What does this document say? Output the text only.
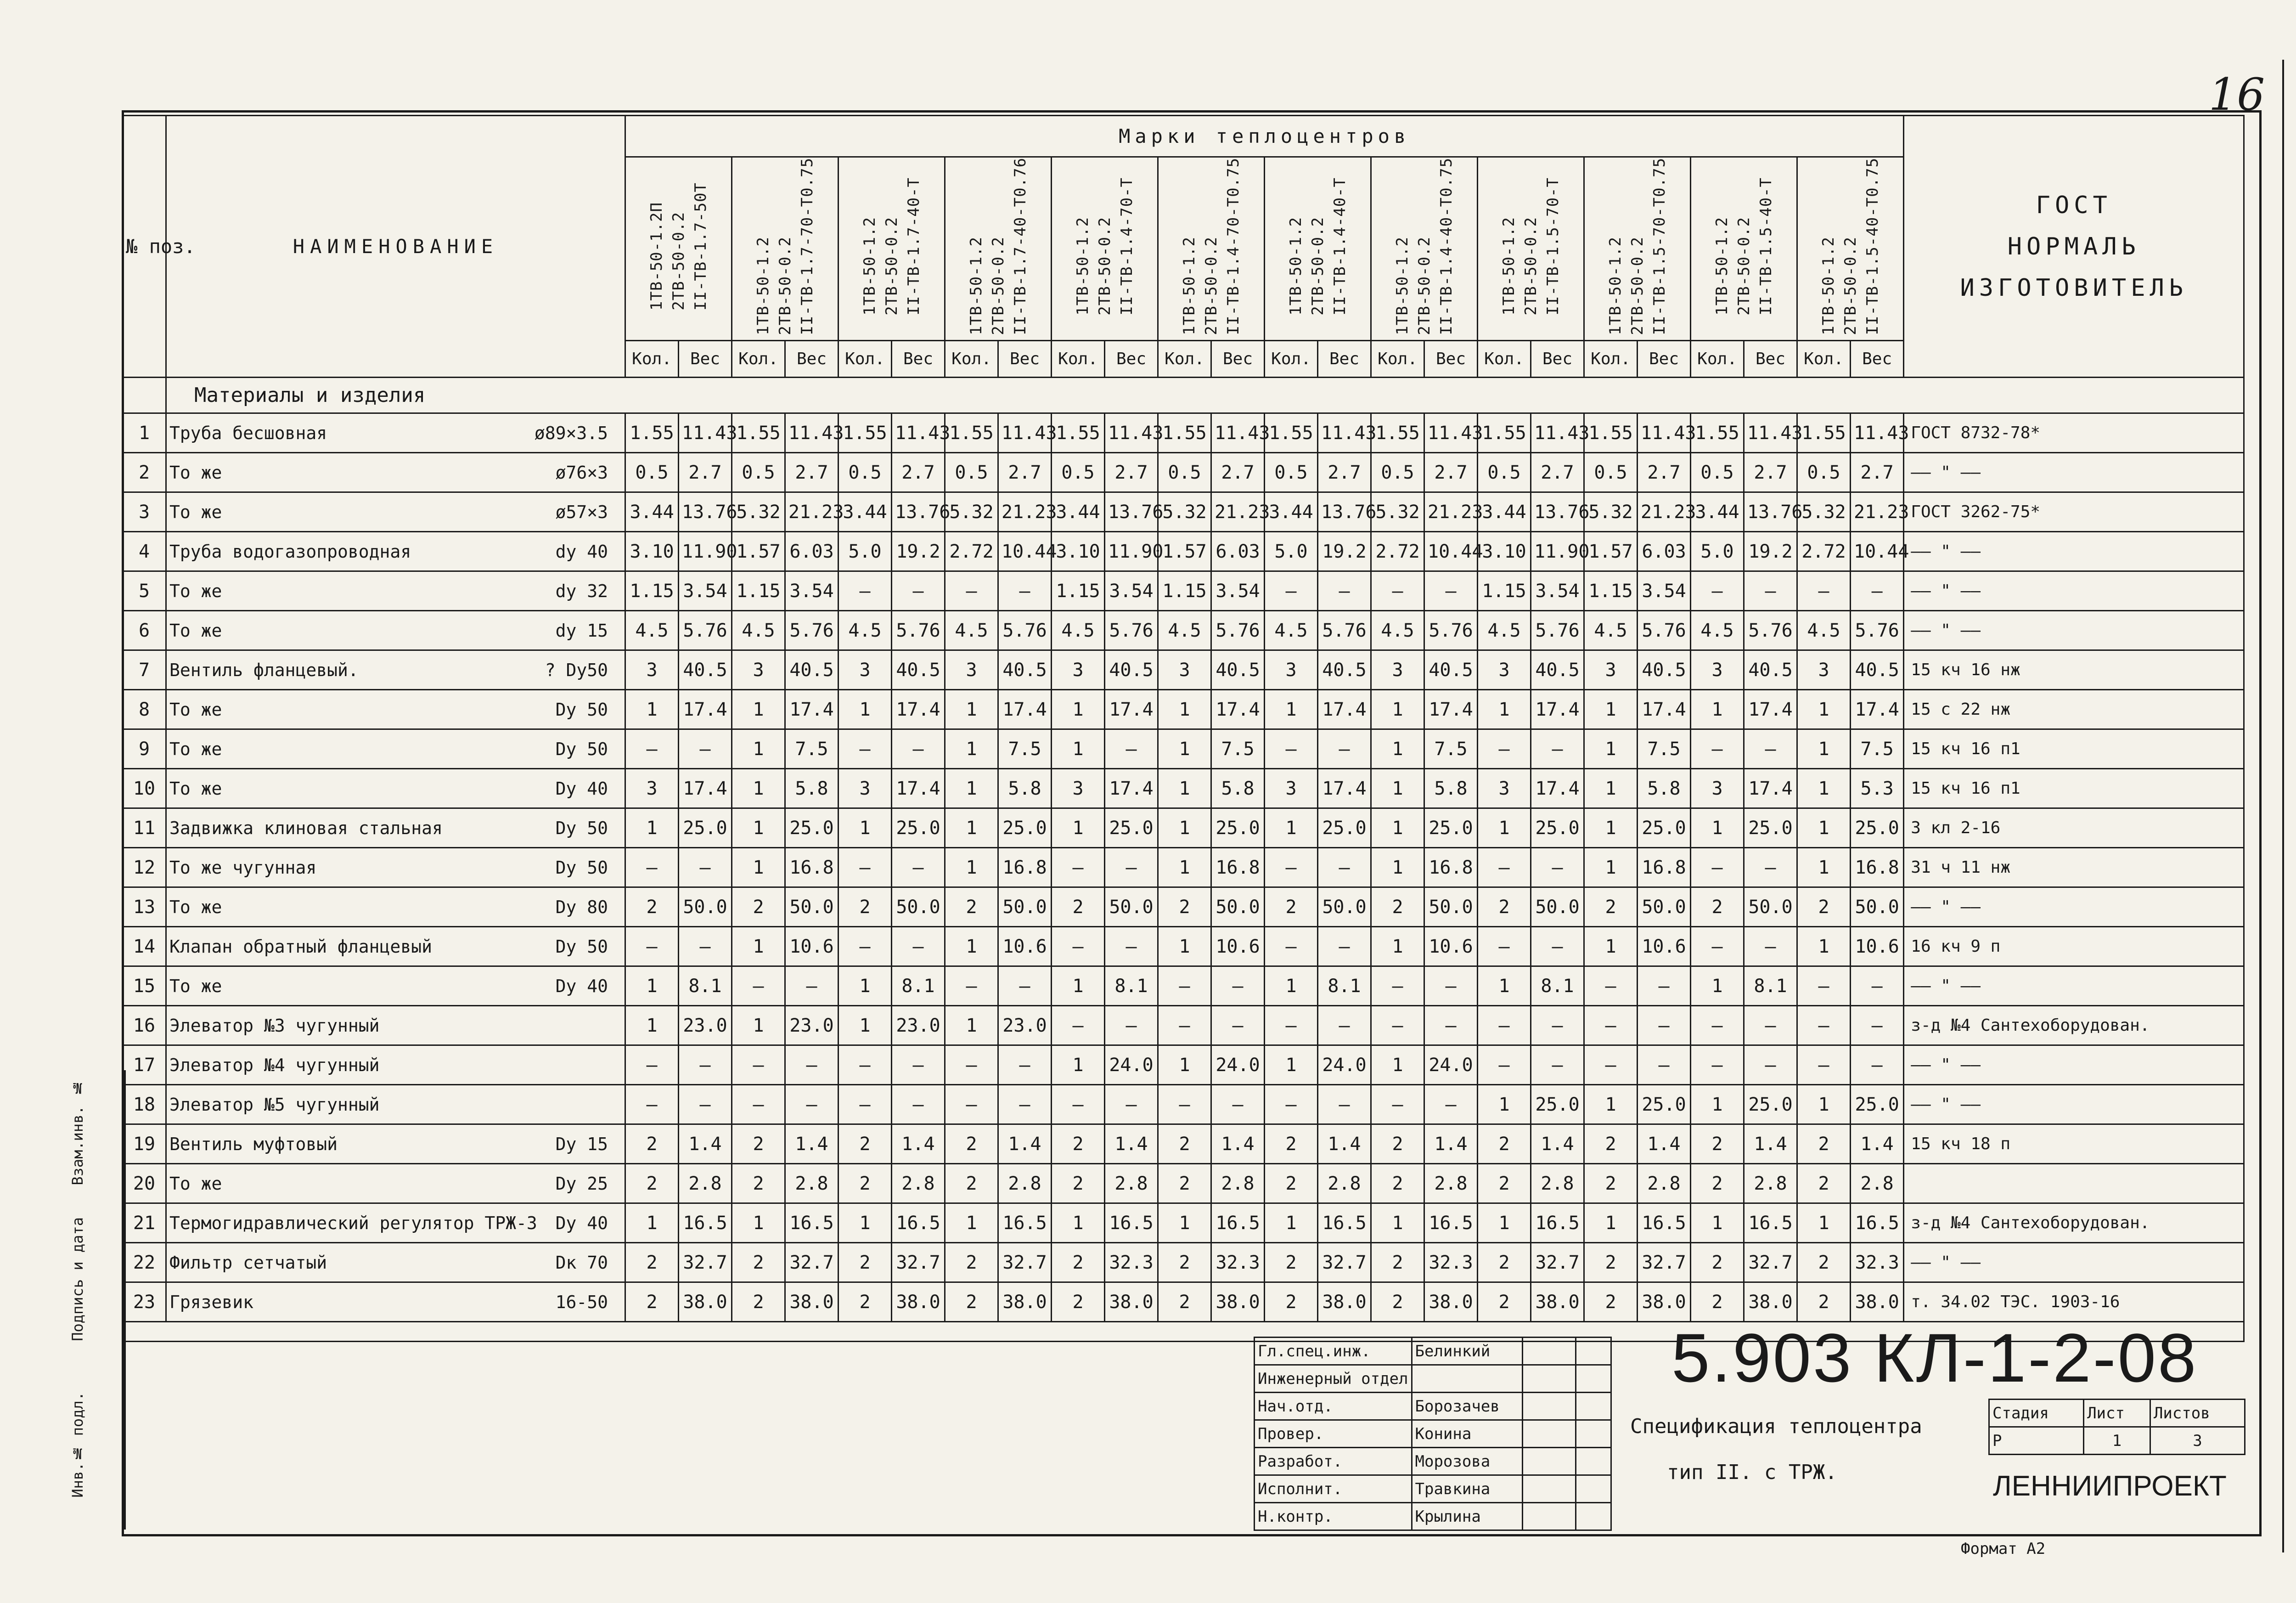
16
Взам.инв. №
Подпись и дата
Инв.№ подл.
№ поз.	НАИМЕНОВАНИЕ	Марки теплоцентров																								ГОСТ
НОРМАЛЬ
ИЗГОТОВИТЕЛЬ

		1ТВ-50-1.2П 2ТВ-50-0.2 II-ТВ-1.7-50Т		1ТВ-50-1.2 2ТВ-50-0.2 II-ТВ-1.7-70-Т0.75		1ТВ-50-1.2 2ТВ-50-0.2 II-ТВ-1.7-40-Т		1ТВ-50-1.2 2ТВ-50-0.2 II-ТВ-1.7-40-Т0.76		1ТВ-50-1.2 2ТВ-50-0.2 II-ТВ-1.4-70-Т		1ТВ-50-1.2 2ТВ-50-0.2 II-ТВ-1.4-70-Т0.75		1ТВ-50-1.2 2ТВ-50-0.2 II-ТВ-1.4-40-Т		1ТВ-50-1.2 2ТВ-50-0.2 II-ТВ-1.4-40-Т0.75		1ТВ-50-1.2 2ТВ-50-0.2 II-ТВ-1.5-70-Т		1ТВ-50-1.2 2ТВ-50-0.2 II-ТВ-1.5-70-Т0.75		1ТВ-50-1.2 2ТВ-50-0.2 II-ТВ-1.5-40-Т		1ТВ-50-1.2 2ТВ-50-0.2 II-ТВ-1.5-40-Т0.75		
		Кол.	Вес	Кол.	Вес	Кол.	Вес	Кол.	Вес	Кол.	Вес	Кол.	Вес	Кол.	Вес	Кол.	Вес	Кол.	Вес	Кол.	Вес	Кол.	Вес	Кол.	Вес	
	Материалы и изделия																									
1	Труба бесшовная ø89×3.5	1.55	11.43	1.55	11.43	1.55	11.43	1.55	11.43	1.55	11.43	1.55	11.43	1.55	11.43	1.55	11.43	1.55	11.43	1.55	11.43	1.55	11.43	1.55	11.43	ГОСТ 8732-78*
2	То же ø76×3	0.5	2.7	0.5	2.7	0.5	2.7	0.5	2.7	0.5	2.7	0.5	2.7	0.5	2.7	0.5	2.7	0.5	2.7	0.5	2.7	0.5	2.7	0.5	2.7	—— " ——
3	То же ø57×3	3.44	13.76	5.32	21.23	3.44	13.76	5.32	21.23	3.44	13.76	5.32	21.23	3.44	13.76	5.32	21.23	3.44	13.76	5.32	21.23	3.44	13.76	5.32	21.23	ГОСТ 3262-75*
4	Труба водогазопроводная dу 40	3.10	11.90	1.57	6.03	5.0	19.2	2.72	10.44	3.10	11.90	1.57	6.03	5.0	19.2	2.72	10.44	3.10	11.90	1.57	6.03	5.0	19.2	2.72	10.44	—— " ——
5	То же dу 32	1.15	3.54	1.15	3.54	—	—	—	—	1.15	3.54	1.15	3.54	—	—	—	—	1.15	3.54	1.15	3.54	—	—	—	—	—— " ——
6	То же dу 15	4.5	5.76	4.5	5.76	4.5	5.76	4.5	5.76	4.5	5.76	4.5	5.76	4.5	5.76	4.5	5.76	4.5	5.76	4.5	5.76	4.5	5.76	4.5	5.76	—— " ——
7	Вентиль фланцевый. ? Dу50	3	40.5	3	40.5	3	40.5	3	40.5	3	40.5	3	40.5	3	40.5	3	40.5	3	40.5	3	40.5	3	40.5	3	40.5	15 кч 16 нж
8	То же Dу 50	1	17.4	1	17.4	1	17.4	1	17.4	1	17.4	1	17.4	1	17.4	1	17.4	1	17.4	1	17.4	1	17.4	1	17.4	15 с 22 нж
9	То же Dу 50	—	—	1	7.5	—	—	1	7.5	1	—	1	7.5	—	—	1	7.5	—	—	1	7.5	—	—	1	7.5	15 кч 16 п1
10	То же Dу 40	3	17.4	1	5.8	3	17.4	1	5.8	3	17.4	1	5.8	3	17.4	1	5.8	3	17.4	1	5.8	3	17.4	1	5.3	15 кч 16 п1
11	Задвижка клиновая стальная Dу 50	1	25.0	1	25.0	1	25.0	1	25.0	1	25.0	1	25.0	1	25.0	1	25.0	1	25.0	1	25.0	1	25.0	1	25.0	3 кл 2-16
12	То же чугунная Dу 50	—	—	1	16.8	—	—	1	16.8	—	—	1	16.8	—	—	1	16.8	—	—	1	16.8	—	—	1	16.8	31 ч 11 нж
13	То же Dу 80	2	50.0	2	50.0	2	50.0	2	50.0	2	50.0	2	50.0	2	50.0	2	50.0	2	50.0	2	50.0	2	50.0	2	50.0	—— " ——
14	Клапан обратный фланцевый Dу 50	—	—	1	10.6	—	—	1	10.6	—	—	1	10.6	—	—	1	10.6	—	—	1	10.6	—	—	1	10.6	16 кч 9 п
15	То же Dу 40	1	8.1	—	—	1	8.1	—	—	1	8.1	—	—	1	8.1	—	—	1	8.1	—	—	1	8.1	—	—	—— " ——
16	Элеватор №3 чугунный	1	23.0	1	23.0	1	23.0	1	23.0	—	—	—	—	—	—	—	—	—	—	—	—	—	—	—	—	з-д №4 Сантехоборудован.
17	Элеватор №4 чугунный	—	—	—	—	—	—	—	—	1	24.0	1	24.0	1	24.0	1	24.0	—	—	—	—	—	—	—	—	—— " ——
18	Элеватор №5 чугунный	—	—	—	—	—	—	—	—	—	—	—	—	—	—	—	—	1	25.0	1	25.0	1	25.0	1	25.0	—— " ——
19	Вентиль муфтовый Dу 15	2	1.4	2	1.4	2	1.4	2	1.4	2	1.4	2	1.4	2	1.4	2	1.4	2	1.4	2	1.4	2	1.4	2	1.4	15 кч 18 п
20	То же Dу 25	2	2.8	2	2.8	2	2.8	2	2.8	2	2.8	2	2.8	2	2.8	2	2.8	2	2.8	2	2.8	2	2.8	2	2.8	
21	Термогидравлический регулятор ТРЖ-3 Dу 40	1	16.5	1	16.5	1	16.5	1	16.5	1	16.5	1	16.5	1	16.5	1	16.5	1	16.5	1	16.5	1	16.5	1	16.5	з-д №4 Сантехоборудован.
22	Фильтр сетчатый Dк 70	2	32.7	2	32.7	2	32.7	2	32.7	2	32.3	2	32.3	2	32.7	2	32.3	2	32.7	2	32.7	2	32.7	2	32.3	—— " ——
23	Грязевик 16-50	2	38.0	2	38.0	2	38.0	2	38.0	2	38.0	2	38.0	2	38.0	2	38.0	2	38.0	2	38.0	2	38.0	2	38.0	т. 34.02 ТЭС. 1903-16

Гл.спец.инж.	Белинкий		
Инженерный отдел			
Нач.отд.	Борозачев		
Провер.	Конина		
Разработ.	Морозова		
Исполнит.	Травкина		
Н.контр.	Крылина		
5.903 КЛ-1-2-08
Спецификация теплоцентра
тип II. с ТРЖ.
Стадия	Лист	Листов
Р	1	3
ЛЕННИИПРОЕКТ
Формат А2
